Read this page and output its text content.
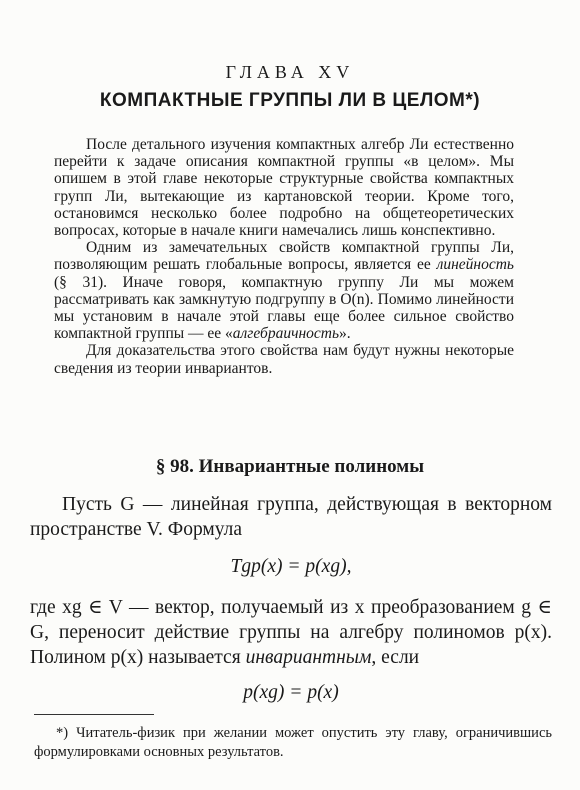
ГЛАВА XV
КОМПАКТНЫЕ ГРУППЫ ЛИ В ЦЕЛОМ*)

После детального изучения компактных алгебр Ли естественно перейти к задаче описания компактной группы «в целом». Мы опишем в этой главе некоторые структурные свойства компактных групп Ли, вытекающие из картановской теории. Кроме того, остановимся несколько более подробно на общетеоретических вопросах, которые в начале книги намечались лишь конспективно.

Одним из замечательных свойств компактной группы Ли, позволяющим решать глобальные вопросы, является ее линейность (§ 31). Иначе говоря, компактную группу Ли мы можем рассматривать как замкнутую подгруппу в O(n). Помимо линейности мы установим в начале этой главы еще более сильное свойство компактной группы — ее «алгебраичность».

Для доказательства этого свойства нам будут нужны некоторые сведения из теории инвариантов.

§ 98. Инвариантные полиномы

Пусть G — линейная группа, действующая в векторном пространстве V. Формула

Tgp(x) = p(xg),

где xg ∈ V — вектор, получаемый из x преобразованием g ∈ G, переносит действие группы на алгебру полиномов p(x). Полином p(x) называется инвариантным, если

p(xg) = p(x)

*) Читатель-физик при желании может опустить эту главу, ограничившись формулировками основных результатов.
